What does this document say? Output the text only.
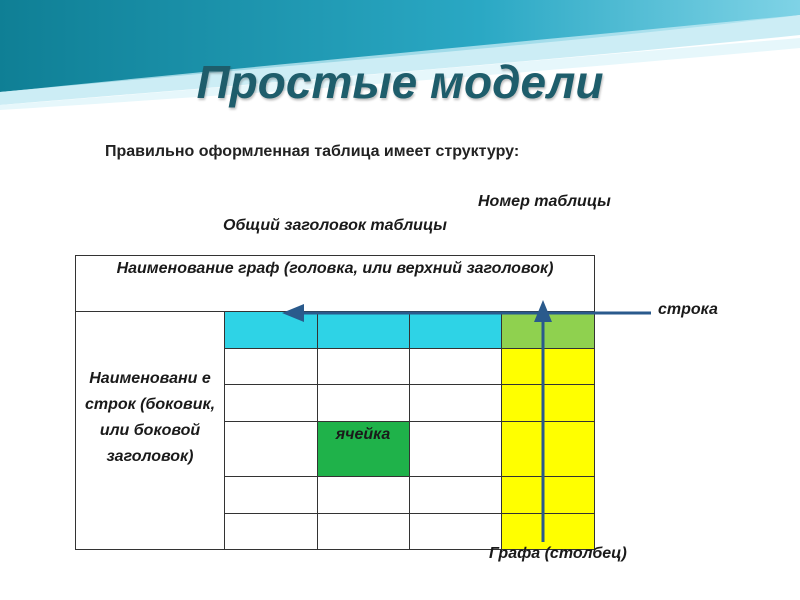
Простые модели
Правильно оформленная таблица имеет структуру:
Номер таблицы
Общий заголовок таблицы
Наименование граф (головка, или верхний заголовок)
Наименовани е строк (боковик, или боковой заголовок)
ячейка
строка
Графа (столбец)
